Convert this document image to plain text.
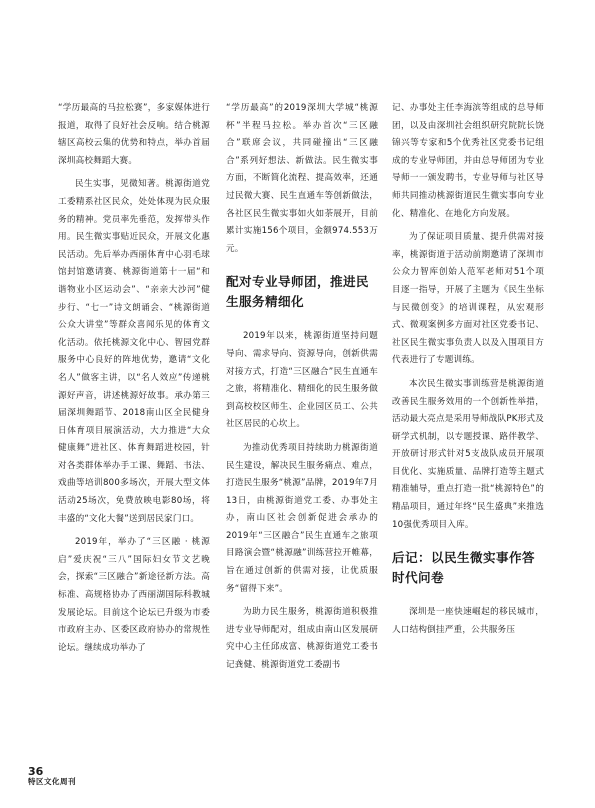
“学历最高的马拉松赛”，多家媒体进行报道，取得了良好社会反响。结合桃源辖区高校云集的优势和特点，举办首届深圳高校舞蹈大赛。

民生实事，见微知著。桃源街道党工委精系社区民众，处处体现为民众服务的精神。党员率先垂范，发挥带头作用。民生微实事贴近民众，开展文化惠民活动。先后举办西丽体育中心羽毛球馆封馆邀请赛、桃源街道第十一届“和谐物业小区运动会”、“亲亲大沙河”健步行、“七一”诗文朗诵会、“桃源街道公众大讲堂”等群众喜闻乐见的体育文化活动。依托桃源文化中心、智园党群服务中心良好的阵地优势，邀请“文化名人”做客主讲，以“名人效应”传递桃源好声音，讲述桃源好故事。承办第三届深圳舞蹈节、2018南山区全民健身日体育项目展演活动，大力推进“大众健康舞”进社区、体育舞蹈进校园，针对各类群体举办手工课、舞蹈、书法、戏曲等培训800多场次，开展大型文体活动25场次，免费放映电影80场，将丰盛的“文化大餐”送到居民家门口。

2019年，举办了“三区融 · 桃源启”爱庆祝“三八”国际妇女节文艺晚会，探索“三区融合”新途径新方法。高标准、高规格协办了西丽湖国际科教城发展论坛。目前这个论坛已升级为市委市政府主办、区委区政府协办的常规性论坛。继续成功举办了

“学历最高”的2019深圳大学城“桃源杯”半程马拉松。举办首次“三区融合”联席会议，共同碰撞出“三区融合”系列好想法、新做法。民生微实事方面，不断简化流程、提高效率，还通过民微大赛、民生直通车等创新做法，各社区民生微实事如火如荼展开，目前累计实施156个项目，金额974.553万元。

配对专业导师团，推进民生服务精细化

2019年以来，桃源街道坚持问题导向、需求导向、资源导向，创新供需对接方式，打造“三区融合”民生直通车之旅，将精准化、精细化的民生服务做到高校校区师生、企业园区员工、公共社区居民的心坎上。

为推动优秀项目持续助力桃源街道民生建设，解决民生服务痛点、难点，打造民生服务“桃源”品牌，2019年7月13日，由桃源街道党工委、办事处主办，南山区社会创新促进会承办的2019年“三区融合”民生直通车之旅项目路演会暨“桃源融”训练营拉开帷幕，旨在通过创新的供需对接，让优质服务“留得下来”。

为助力民生服务，桃源街道积极推进专业导师配对，组成由南山区发展研究中心主任邱成富、桃源街道党工委书记龚健、桃源街道党工委副书

记、办事处主任李海滨等组成的总导师团，以及由深圳社会组织研究院院长饶锦兴等专家和5个优秀社区党委书记组成的专业导师团，并由总导师团为专业导师一一颁发聘书，专业导师与社区导师共同推动桃源街道民生微实事向专业化、精准化、在地化方向发展。

为了保证项目质量、提升供需对接率，桃源街道于活动前期邀请了深圳市公众力智库创始人范军老师对51个项目逐一指导，开展了主题为《民生坐标与民微创变》的培训课程，从宏观形式、微观案例多方面对社区党委书记、社区民生微实事负责人以及入围项目方代表进行了专题训练。

本次民生微实事训练营是桃源街道改善民生服务效用的一个创新性举措，活动最大亮点是采用导师战队PK形式及研学式机制，以专题授课、路伴教学、开放研讨形式针对5支战队成员开展项目优化、实施质量、品牌打造等主题式精准辅导，重点打造一批“桃源特色”的精品项目，通过年终“民生盛典”来推选10强优秀项目入库。

后记：以民生微实事作答时代问卷

深圳是一座快速崛起的移民城市，人口结构倒挂严重，公共服务压

36
特区文化周刊
